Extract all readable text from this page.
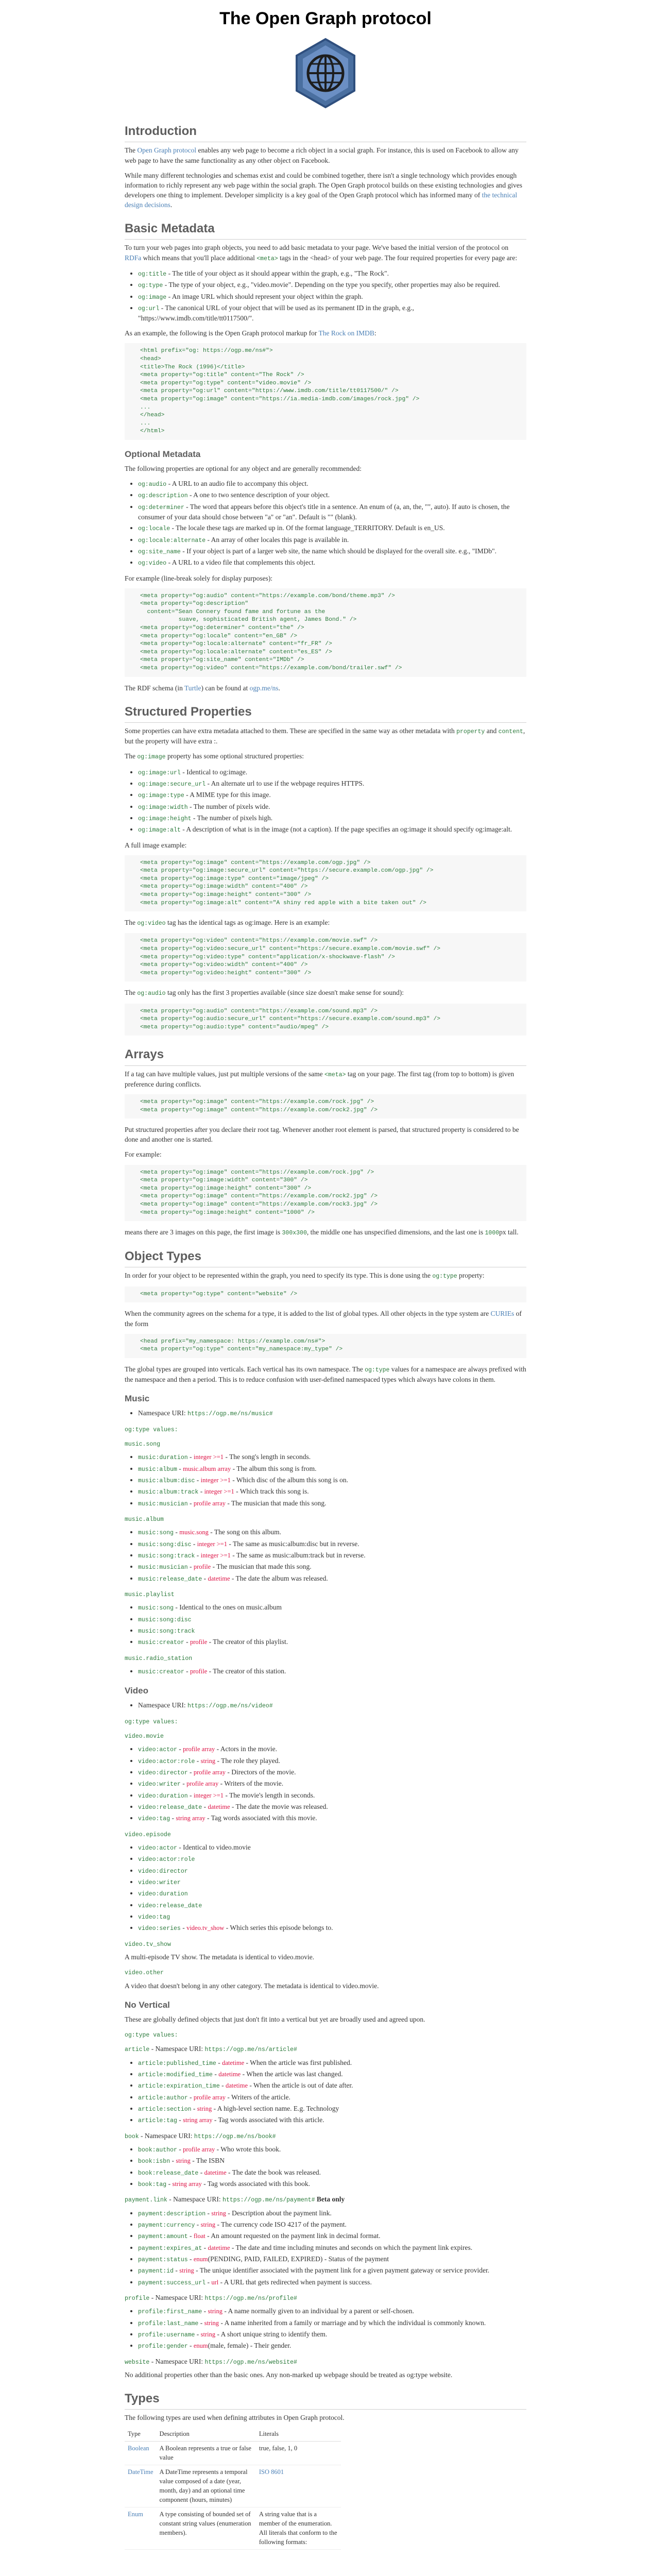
The Open Graph protocol
Introduction

The Open Graph protocol enables any web page to become a rich object in a social graph. For instance, this is used on Facebook to allow any web page to have the same functionality as any other object on Facebook.

While many different technologies and schemas exist and could be combined together, there isn't a single technology which provides enough information to richly represent any web page within the social graph. The Open Graph protocol builds on these existing technologies and gives developers one thing to implement. Developer simplicity is a key goal of the Open Graph protocol which has informed many of the technical design decisions.

Basic Metadata

To turn your web pages into graph objects, you need to add basic metadata to your page. We've based the initial version of the protocol on RDFa which means that you'll place additional <meta> tags in the <head> of your web page. The four required properties for every page are:

• og:title - The title of your object as it should appear within the graph, e.g., "The Rock".
• og:type - The type of your object, e.g., "video.movie". Depending on the type you specify, other properties may also be required.
• og:image - An image URL which should represent your object within the graph.
• og:url - The canonical URL of your object that will be used as its permanent ID in the graph, e.g., "https://www.imdb.com/title/tt0117500/".

As an example, the following is the Open Graph protocol markup for The Rock on IMDB:

<html prefix="og: https://ogp.me/ns#">
<head>
<title>The Rock (1996)</title>
<meta property="og:title" content="The Rock" />
<meta property="og:type" content="video.movie" />
<meta property="og:url" content="https://www.imdb.com/title/tt0117500/" />
<meta property="og:image" content="https://ia.media-imdb.com/images/rock.jpg" />
...
</head>
...
</html>
Optional Metadata

The following properties are optional for any object and are generally recommended:

• og:audio - A URL to an audio file to accompany this object.
• og:description - A one to two sentence description of your object.
• og:determiner - The word that appears before this object's title in a sentence. An enum of (a, an, the, "", auto). If auto is chosen, the consumer of your data should chose between "a" or "an". Default is "" (blank).
• og:locale - The locale these tags are marked up in. Of the format language_TERRITORY. Default is en_US.
• og:locale:alternate - An array of other locales this page is available in.
• og:site_name - If your object is part of a larger web site, the name which should be displayed for the overall site. e.g., "IMDb".
• og:video - A URL to a video file that complements this object.

For example (line-break solely for display purposes):

<meta property="og:audio" content="https://example.com/bond/theme.mp3" />
<meta property="og:description"
content="Sean Connery found fame and fortune as the
suave, sophisticated British agent, James Bond." />
<meta property="og:determiner" content="the" />
<meta property="og:locale" content="en_GB" />
<meta property="og:locale:alternate" content="fr_FR" />
<meta property="og:locale:alternate" content="es_ES" />
<meta property="og:site_name" content="IMDb" />
<meta property="og:video" content="https://example.com/bond/trailer.swf" />

The RDF schema (in Turtle) can be found at ogp.me/ns.

Structured Properties

Some properties can have extra metadata attached to them. These are specified in the same way as other metadata with property and content, but the property will have extra :.

The og:image property has some optional structured properties:

• og:image:url - Identical to og:image.
• og:image:secure_url - An alternate url to use if the webpage requires HTTPS.
• og:image:type - A MIME type for this image.
• og:image:width - The number of pixels wide.
• og:image:height - The number of pixels high.
• og:image:alt - A description of what is in the image (not a caption). If the page specifies an og:image it should specify og:image:alt.

A full image example:

<meta property="og:image" content="https://example.com/ogp.jpg" />
<meta property="og:image:secure_url" content="https://secure.example.com/ogp.jpg" />
<meta property="og:image:type" content="image/jpeg" />
<meta property="og:image:width" content="400" />
<meta property="og:image:height" content="300" />
<meta property="og:image:alt" content="A shiny red apple with a bite taken out" />

The og:video tag has the identical tags as og:image. Here is an example:

<meta property="og:video" content="https://example.com/movie.swf" />
<meta property="og:video:secure_url" content="https://secure.example.com/movie.swf" />
<meta property="og:video:type" content="application/x-shockwave-flash" />
<meta property="og:video:width" content="400" />
<meta property="og:video:height" content="300" />

The og:audio tag only has the first 3 properties available (since size doesn't make sense for sound):

<meta property="og:audio" content="https://example.com/sound.mp3" />
<meta property="og:audio:secure_url" content="https://secure.example.com/sound.mp3" />
<meta property="og:audio:type" content="audio/mpeg" />
Arrays

If a tag can have multiple values, just put multiple versions of the same <meta> tag on your page. The first tag (from top to bottom) is given preference during conflicts.

<meta property="og:image" content="https://example.com/rock.jpg" />
<meta property="og:image" content="https://example.com/rock2.jpg" />

Put structured properties after you declare their root tag. Whenever another root element is parsed, that structured property is considered to be done and another one is started.

For example:

<meta property="og:image" content="https://example.com/rock.jpg" />
<meta property="og:image:width" content="300" />
<meta property="og:image:height" content="300" />
<meta property="og:image" content="https://example.com/rock2.jpg" />
<meta property="og:image" content="https://example.com/rock3.jpg" />
<meta property="og:image:height" content="1000" />

means there are 3 images on this page, the first image is 300x300, the middle one has unspecified dimensions, and the last one is 1000px tall.

Object Types

In order for your object to be represented within the graph, you need to specify its type. This is done using the og:type property:

<meta property="og:type" content="website" />

When the community agrees on the schema for a type, it is added to the list of global types. All other objects in the type system are CURIEs of the form

<head prefix="my_namespace: https://example.com/ns#">
<meta property="og:type" content="my_namespace:my_type" />

The global types are grouped into verticals. Each vertical has its own namespace. The og:type values for a namespace are always prefixed with the namespace and then a period. This is to reduce confusion with user-defined namespaced types which always have colons in them.

Music
• Namespace URI: https://ogp.me/ns/music#
og:type values:
music.song
• music:duration - integer >=1 - The song's length in seconds.
• music:album - music.album array - The album this song is from.
• music:album:disc - integer >=1 - Which disc of the album this song is on.
• music:album:track - integer >=1 - Which track this song is.
• music:musician - profile array - The musician that made this song.
music.album
• music:song - music.song - The song on this album.
• music:song:disc - integer >=1 - The same as music:album:disc but in reverse.
• music:song:track - integer >=1 - The same as music:album:track but in reverse.
• music:musician - profile - The musician that made this song.
• music:release_date - datetime - The date the album was released.
music.playlist
• music:song - Identical to the ones on music.album
• music:song:disc
• music:song:track
• music:creator - profile - The creator of this playlist.
music.radio_station
• music:creator - profile - The creator of this station.
Video
• Namespace URI: https://ogp.me/ns/video#
og:type values:
video.movie
• video:actor - profile array - Actors in the movie.
• video:actor:role - string - The role they played.
• video:director - profile array - Directors of the movie.
• video:writer - profile array - Writers of the movie.
• video:duration - integer >=1 - The movie's length in seconds.
• video:release_date - datetime - The date the movie was released.
• video:tag - string array - Tag words associated with this movie.
video.episode
• video:actor - Identical to video.movie
• video:actor:role
• video:director
• video:writer
• video:duration
• video:release_date
• video:tag
• video:series - video.tv_show - Which series this episode belongs to.
video.tv_show

A multi-episode TV show. The metadata is identical to video.movie.

video.other

A video that doesn't belong in any other category. The metadata is identical to video.movie.

No Vertical

These are globally defined objects that just don't fit into a vertical but yet are broadly used and agreed upon.

og:type values:
article - Namespace URI: https://ogp.me/ns/article#
• article:published_time - datetime - When the article was first published.
• article:modified_time - datetime - When the article was last changed.
• article:expiration_time - datetime - When the article is out of date after.
• article:author - profile array - Writers of the article.
• article:section - string - A high-level section name. E.g. Technology
• article:tag - string array - Tag words associated with this article.
book - Namespace URI: https://ogp.me/ns/book#
• book:author - profile array - Who wrote this book.
• book:isbn - string - The ISBN
• book:release_date - datetime - The date the book was released.
• book:tag - string array - Tag words associated with this book.
payment.link - Namespace URI: https://ogp.me/ns/payment# Beta only
• payment:description - string - Description about the payment link.
• payment:currency - string - The currency code ISO 4217 of the payment.
• payment:amount - float - An amount requested on the payment link in decimal format.
• payment:expires_at - datetime - The date and time including minutes and seconds on which the payment link expires.
• payment:status - enum(PENDING, PAID, FAILED, EXPIRED) - Status of the payment
• payment:id - string - The unique identifier associated with the payment link for a given payment gateway or service provider.
• payment:success_url - url - A URL that gets redirected when payment is success.
profile - Namespace URI: https://ogp.me/ns/profile#
• profile:first_name - string - A name normally given to an individual by a parent or self-chosen.
• profile:last_name - string - A name inherited from a family or marriage and by which the individual is commonly known.
• profile:username - string - A short unique string to identify them.
• profile:gender - enum(male, female) - Their gender.
website - Namespace URI: https://ogp.me/ns/website#

No additional properties other than the basic ones. Any non-marked up webpage should be treated as og:type website.

Types

The following types are used when defining attributes in Open Graph protocol.

Type	Description	Literals
Boolean	A Boolean represents a true or false value	true, false, 1, 0
DateTime	A DateTime represents a temporal value composed of a date (year, month, day) and an optional time component (hours, minutes)	ISO 8601
Enum	A type consisting of bounded set of constant string values (enumeration members).	A string value that is a member of the enumeration. All literals that conform to the following formats:
